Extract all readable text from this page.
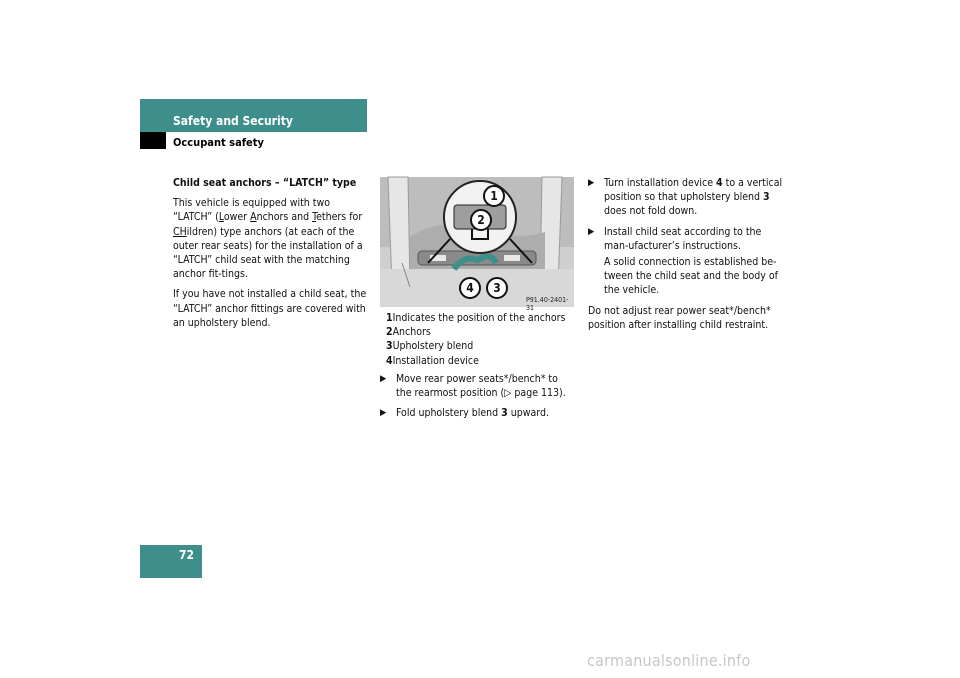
Safety and Security
Occupant safety

Child seat anchors – “LATCH” type

This vehicle is equipped with two “LATCH” (Lower Anchors and Tethers for CHildren) type anchors (at each of the outer rear seats) for the installation of a “LATCH” child seat with the matching anchor fit-tings.

If you have not installed a child seat, the “LATCH” anchor fittings are covered with an upholstery blend.

1
2
3
4
P91.40-2401-31
1Indicates the position of the anchors
2Anchors
3Upholstery blend
4Installation device
▶ Move rear power seats*/bench* to the rearmost position (▷ page 113).
▶ Fold upholstery blend 3 upward.
▶ Turn installation device 4 to a vertical position so that upholstery blend 3 does not fold down.
▶ Install child seat according to the man-ufacturer’s instructions.

A solid connection is established be-tween the child seat and the body of the vehicle.

Do not adjust rear power seat*/bench* position after installing child restraint.

72
carmanualsonline.info
